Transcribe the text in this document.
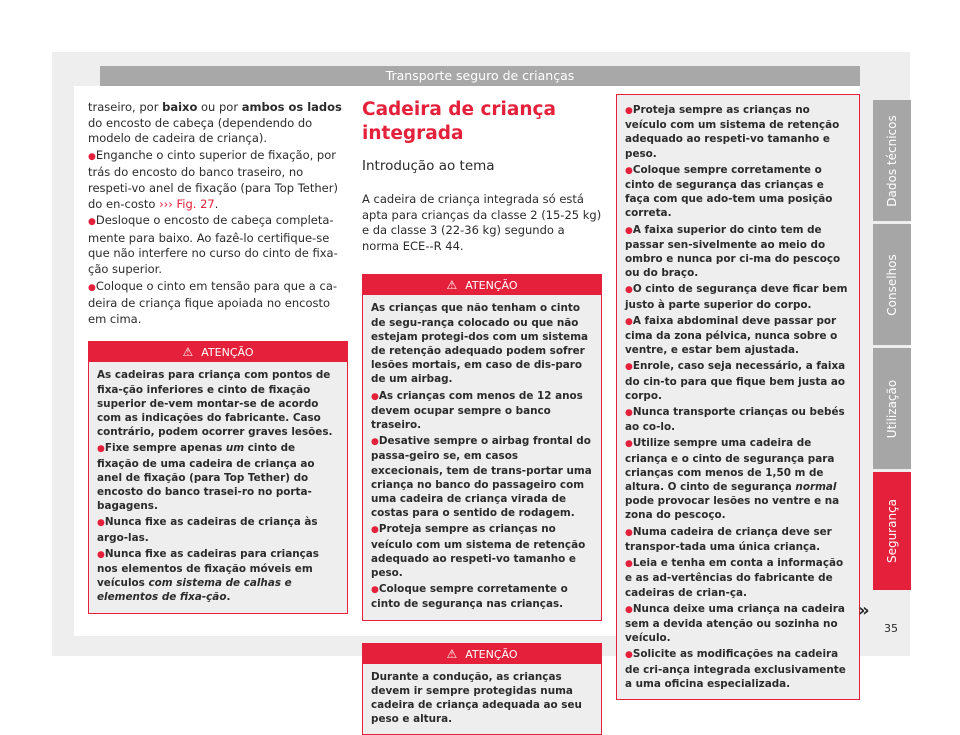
Transporte seguro de crianças

traseiro, por baixo ou por ambos os lados do encosto de cabeça (dependendo do modelo de cadeira de criança).

● Enganche o cinto superior de fixação, por trás do encosto do banco traseiro, no respeti-vo anel de fixação (para Top Tether) do en-costo ››› Fig. 27.

● Desloque o encosto de cabeça completa-mente para baixo. Ao fazê-lo certifique-se que não interfere no curso do cinto de fixa-ção superior.

● Coloque o cinto em tensão para que a ca-deira de criança fique apoiada no encosto em cima.

⚠ ATENÇÃO

As cadeiras para criança com pontos de fixa-ção inferiores e cinto de fixação superior de-vem montar-se de acordo com as indicações do fabricante. Caso contrário, podem ocorrer graves lesões.

● Fixe sempre apenas um cinto de fixação de uma cadeira de criança ao anel de fixação (para Top Tether) do encosto do banco trasei-ro no porta-bagagens.

● Nunca fixe as cadeiras de criança às argo-las.

● Nunca fixe as cadeiras para crianças nos elementos de fixação móveis em veículos com sistema de calhas e elementos de fixa-ção.

Cadeira de criança integrada
Introdução ao tema

A cadeira de criança integrada só está apta para crianças da classe 2 (15-25 kg) e da classe 3 (22-36 kg) segundo a norma ECE--R 44.

⚠ ATENÇÃO

As crianças que não tenham o cinto de segu-rança colocado ou que não estejam protegi-dos com um sistema de retenção adequado podem sofrer lesões mortais, em caso de dis-paro de um airbag.

● As crianças com menos de 12 anos devem ocupar sempre o banco traseiro.

● Desative sempre o airbag frontal do passa-geiro se, em casos excecionais, tem de trans-portar uma criança no banco do passageiro com uma cadeira de criança virada de costas para o sentido de rodagem.

● Proteja sempre as crianças no veículo com um sistema de retenção adequado ao respeti-vo tamanho e peso.

● Coloque sempre corretamente o cinto de segurança nas crianças.

⚠ ATENÇÃO

Durante a condução, as crianças devem ir sempre protegidas numa cadeira de criança adequada ao seu peso e altura.

● Proteja sempre as crianças no veículo com um sistema de retenção adequado ao respeti-vo tamanho e peso.

● Coloque sempre corretamente o cinto de segurança das crianças e faça com que ado-tem uma posição correta.

● A faixa superior do cinto tem de passar sen-sivelmente ao meio do ombro e nunca por ci-ma do pescoço ou do braço.

● O cinto de segurança deve ficar bem justo à parte superior do corpo.

● A faixa abdominal deve passar por cima da zona pélvica, nunca sobre o ventre, e estar bem ajustada.

● Enrole, caso seja necessário, a faixa do cin-to para que fique bem justa ao corpo.

● Nunca transporte crianças ou bebés ao co-lo.

● Utilize sempre uma cadeira de criança e o cinto de segurança para crianças com menos de 1,50 m de altura. O cinto de segurança normal pode provocar lesões no ventre e na zona do pescoço.

● Numa cadeira de criança deve ser transpor-tada uma única criança.

● Leia e tenha em conta a informação e as ad-vertências do fabricante de cadeiras de crian-ça.

● Nunca deixe uma criança na cadeira sem a devida atenção ou sozinha no veículo.

● Solicite as modificações na cadeira de cri-ança integrada exclusivamente a uma oficina especializada.

Dados técnicos
Conselhos
Utilização
Segurança
»
35
